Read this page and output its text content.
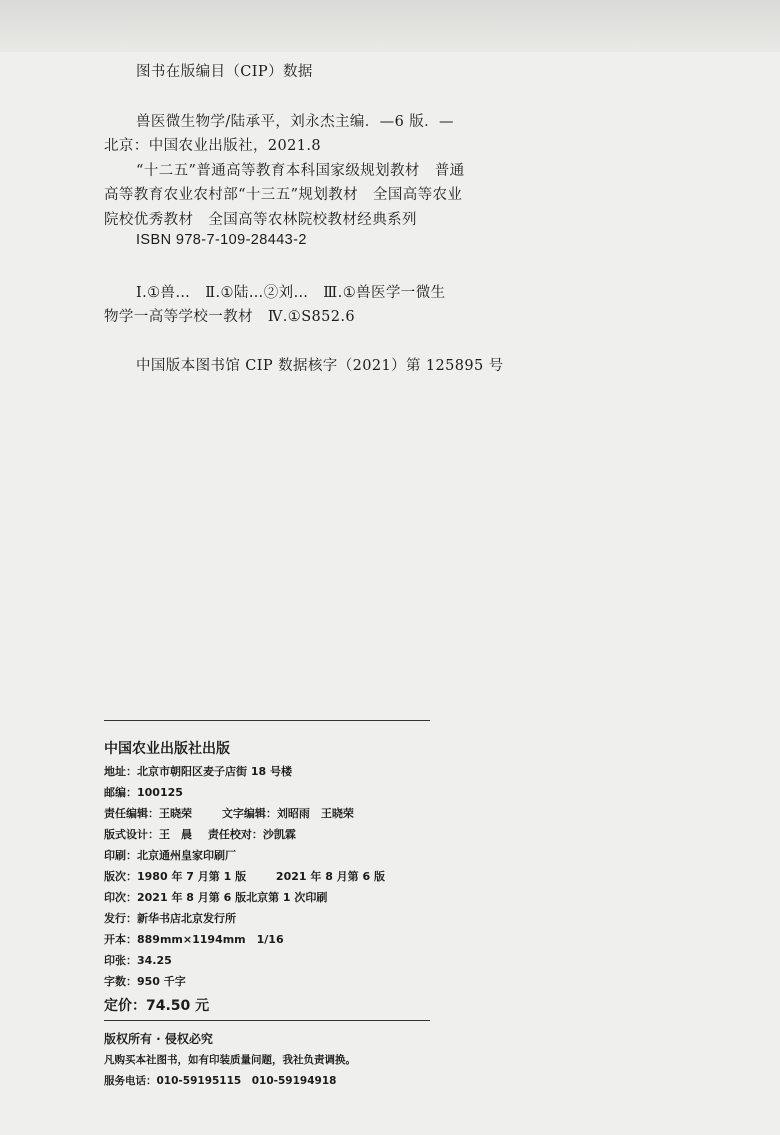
图书在版编目（CIP）数据
兽医微生物学/陆承平，刘永杰主编．—6 版．—
北京：中国农业出版社，2021.8
“十二五”普通高等教育本科国家级规划教材　普通
高等教育农业农村部“十三五”规划教材　全国高等农业
院校优秀教材　全国高等农林院校教材经典系列
ISBN 978-7-109-28443-2
Ⅰ.①兽…　Ⅱ.①陆…②刘…　Ⅲ.①兽医学一微生
物学一高等学校一教材　Ⅳ.①S852.6
中国版本图书馆 CIP 数据核字（2021）第 125895 号
中国农业出版社出版
地址：北京市朝阳区麦子店街 18 号楼
邮编：100125
责任编辑：王晓荣	文字编辑：刘昭雨　王晓荣
版式设计：王　晨 责任校对：沙凯霖
印刷：北京通州皇家印刷厂
版次：1980 年 7 月第 1 版	2021 年 8 月第 6 版
印次：2021 年 8 月第 6 版北京第 1 次印刷
发行：新华书店北京发行所
开本：889mm×1194mm　1/16
印张：34.25
字数：950 千字
定价：74.50 元
版权所有 · 侵权必究
凡购买本社图书，如有印装质量问题，我社负责调换。
服务电话：010-59195115　010-59194918
